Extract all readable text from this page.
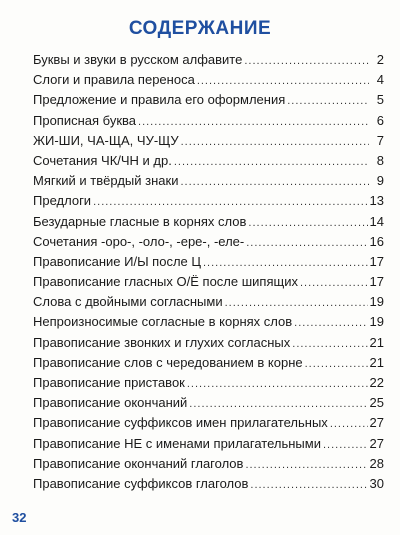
СОДЕРЖАНИЕ
Буквы и звуки в русском алфавите .....	2
Слоги и правила переноса .....	4
Предложение и правила его оформления .....	5
Прописная буква .....	6
ЖИ-ШИ, ЧА-ЩА, ЧУ-ЩУ .....	7
Сочетания ЧК/ЧН и др. .....	8
Мягкий и твёрдый знаки .....	9
Предлоги .....	13
Безударные гласные в корнях слов .....	14
Сочетания -оро-, -оло-, -ере-, -еле- .....	16
Правописание И/Ы после Ц .....	17
Правописание гласных О/Ё после шипящих .....	17
Слова с двойными согласными .....	19
Непроизносимые согласные в корнях слов .....	19
Правописание звонких и глухих согласных .....	21
Правописание слов с чередованием в корне .....	21
Правописание приставок .....	22
Правописание окончаний .....	25
Правописание суффиксов имен прилагательных .....	27
Правописание НЕ с именами прилагательными .....	27
Правописание окончаний глаголов .....	28
Правописание суффиксов глаголов .....	30
32
